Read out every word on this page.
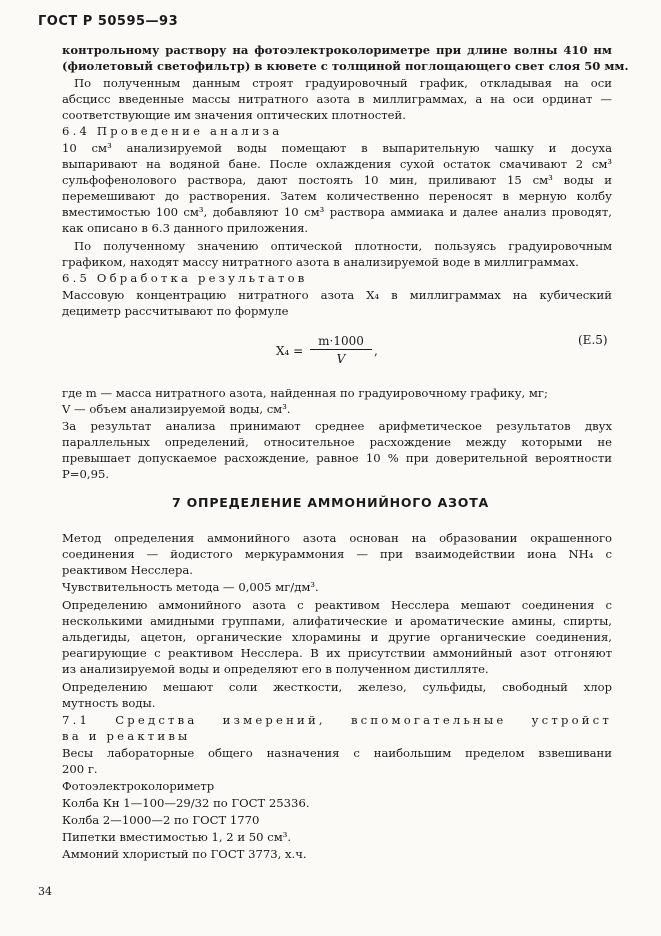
ГОСТ Р 50595—93
контрольному раствору на фотоэлектроколориметре при длине волны 410 нм
(фиолетовый светофильтр) в кювете с толщиной поглощающего свет слоя 50 мм.
По полученным данным строят градуировочный график, откладывая на оси
абсцисс введенные массы нитратного азота в миллиграммах, а на оси ординат —
соответствующие им значения оптических плотностей.
6.4 Проведение анализа
10 см³ анализируемой воды помещают в выпарительную чашку и досуха
выпаривают на водяной бане. После охлаждения сухой остаток смачивают 2 см³
сульфофенолового раствора, дают постоять 10 мин, приливают 15 см³ воды и
перемешивают до растворения. Затем количественно переносят в мерную колбу
вместимостью 100 см³, добавляют 10 см³ раствора аммиака и далее анализ проводят,
как описано в 6.3 данного приложения.
По полученному значению оптической плотности, пользуясь градуировочным
графиком, находят массу нитратного азота в анализируемой воде в миллиграммах.
6.5 Обработка результатов
Массовую концентрацию нитратного азота X₄ в миллиграммах на кубический
дециметр рассчитывают по формуле
$X_4 = \frac{m\cdot 1000}{V}$ ,
(Е.5)
где m — масса нитратного азота, найденная по градуировочному графику, мг;
V — объем анализируемой воды, см³.
За результат анализа принимают среднее арифметическое результатов двух
параллельных определений, относительное расхождение между которыми не
превышает допускаемое расхождение, равное 10 % при доверительной вероятности
P=0,95.
7 ОПРЕДЕЛЕНИЕ АММОНИЙНОГО АЗОТА
Метод определения аммонийного азота основан на образовании окрашенного
соединения — йодистого меркураммония — при взаимодействии иона NH₄ с
реактивом Несслера.
Чувствительность метода — 0,005 мг/дм³.
Определению аммонийного азота с реактивом Несслера мешают соединения с
несколькими амидными группами, алифатические и ароматические амины, спирты,
альдегиды, ацетон, органические хлорамины и другие органические соединения,
реагирующие с реактивом Несслера. В их присутствии аммонийный азот отгоняют
из анализируемой воды и определяют его в полученном дистилляте.
Определению мешают соли жесткости, железо, сульфиды, свободный хлор
мутность воды.
7.1 Средства измерений, вспомогательные устройст
ва и реактивы
Весы лабораторные общего назначения с наибольшим пределом взвешивани
200 г.
Фотоэлектроколориметр
Колба Кн 1—100—29/32 по ГОСТ 25336.
Колба 2—1000—2 по ГОСТ 1770
Пипетки вместимостью 1, 2 и 50 см³.
Аммоний хлористый по ГОСТ 3773, х.ч.
34
